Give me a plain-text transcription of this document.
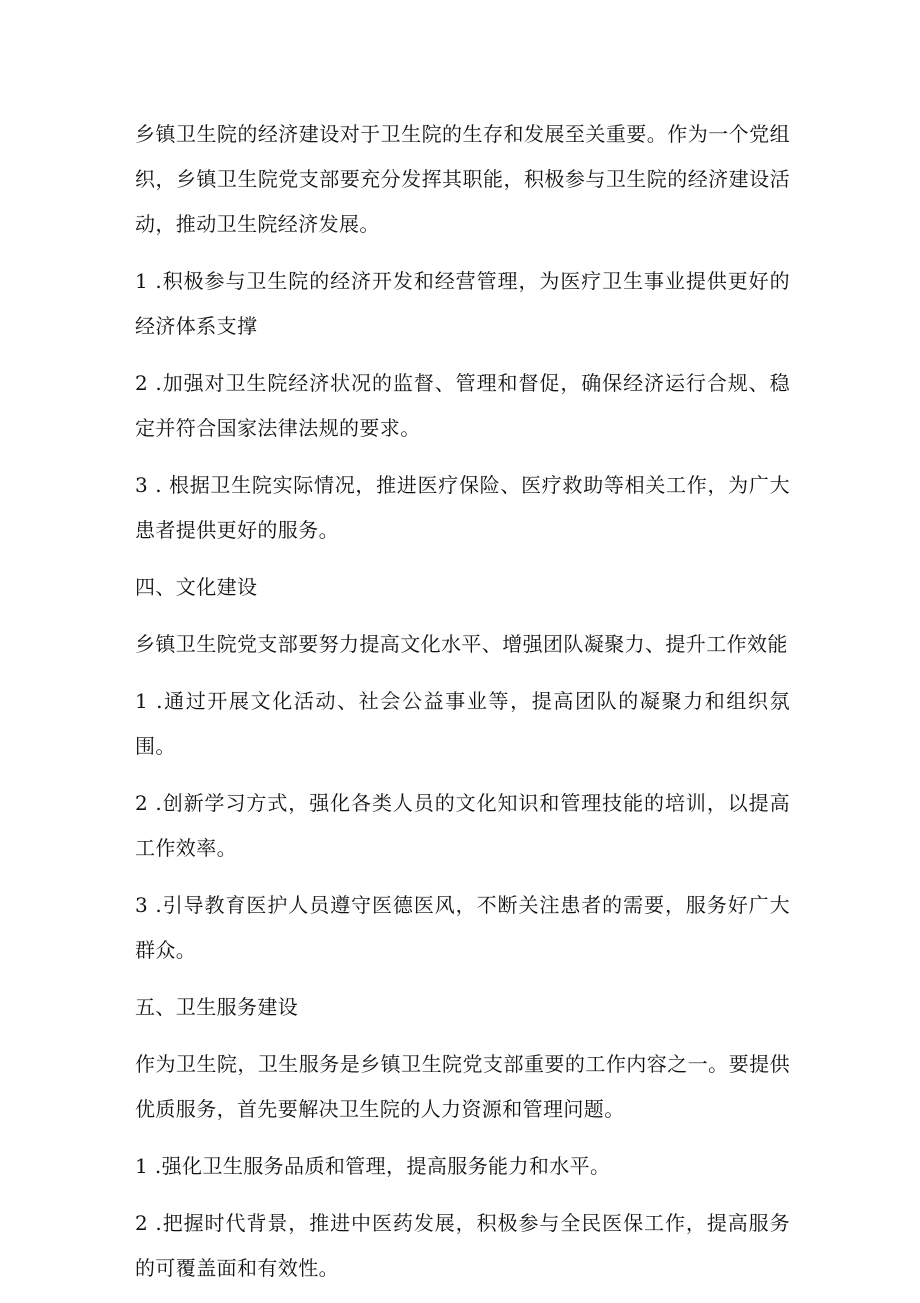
乡镇卫生院的经济建设对于卫生院的生存和发展至关重要。作为一个党组织，乡镇卫生院党支部要充分发挥其职能，积极参与卫生院的经济建设活动，推动卫生院经济发展。

1 .积极参与卫生院的经济开发和经营管理，为医疗卫生事业提供更好的经济体系支撑

2 .加强对卫生院经济状况的监督、管理和督促，确保经济运行合规、稳定并符合国家法律法规的要求。

3 . 根据卫生院实际情况，推进医疗保险、医疗救助等相关工作，为广大患者提供更好的服务。

四、文化建设

乡镇卫生院党支部要努力提高文化水平、增强团队凝聚力、提升工作效能

1 .通过开展文化活动、社会公益事业等，提高团队的凝聚力和组织氛围。

2 .创新学习方式，强化各类人员的文化知识和管理技能的培训，以提高工作效率。

3 .引导教育医护人员遵守医德医风，不断关注患者的需要，服务好广大群众。

五、卫生服务建设

作为卫生院，卫生服务是乡镇卫生院党支部重要的工作内容之一。要提供优质服务，首先要解决卫生院的人力资源和管理问题。

1 .强化卫生服务品质和管理，提高服务能力和水平。

2 .把握时代背景，推进中医药发展，积极参与全民医保工作，提高服务的可覆盖面和有效性。
